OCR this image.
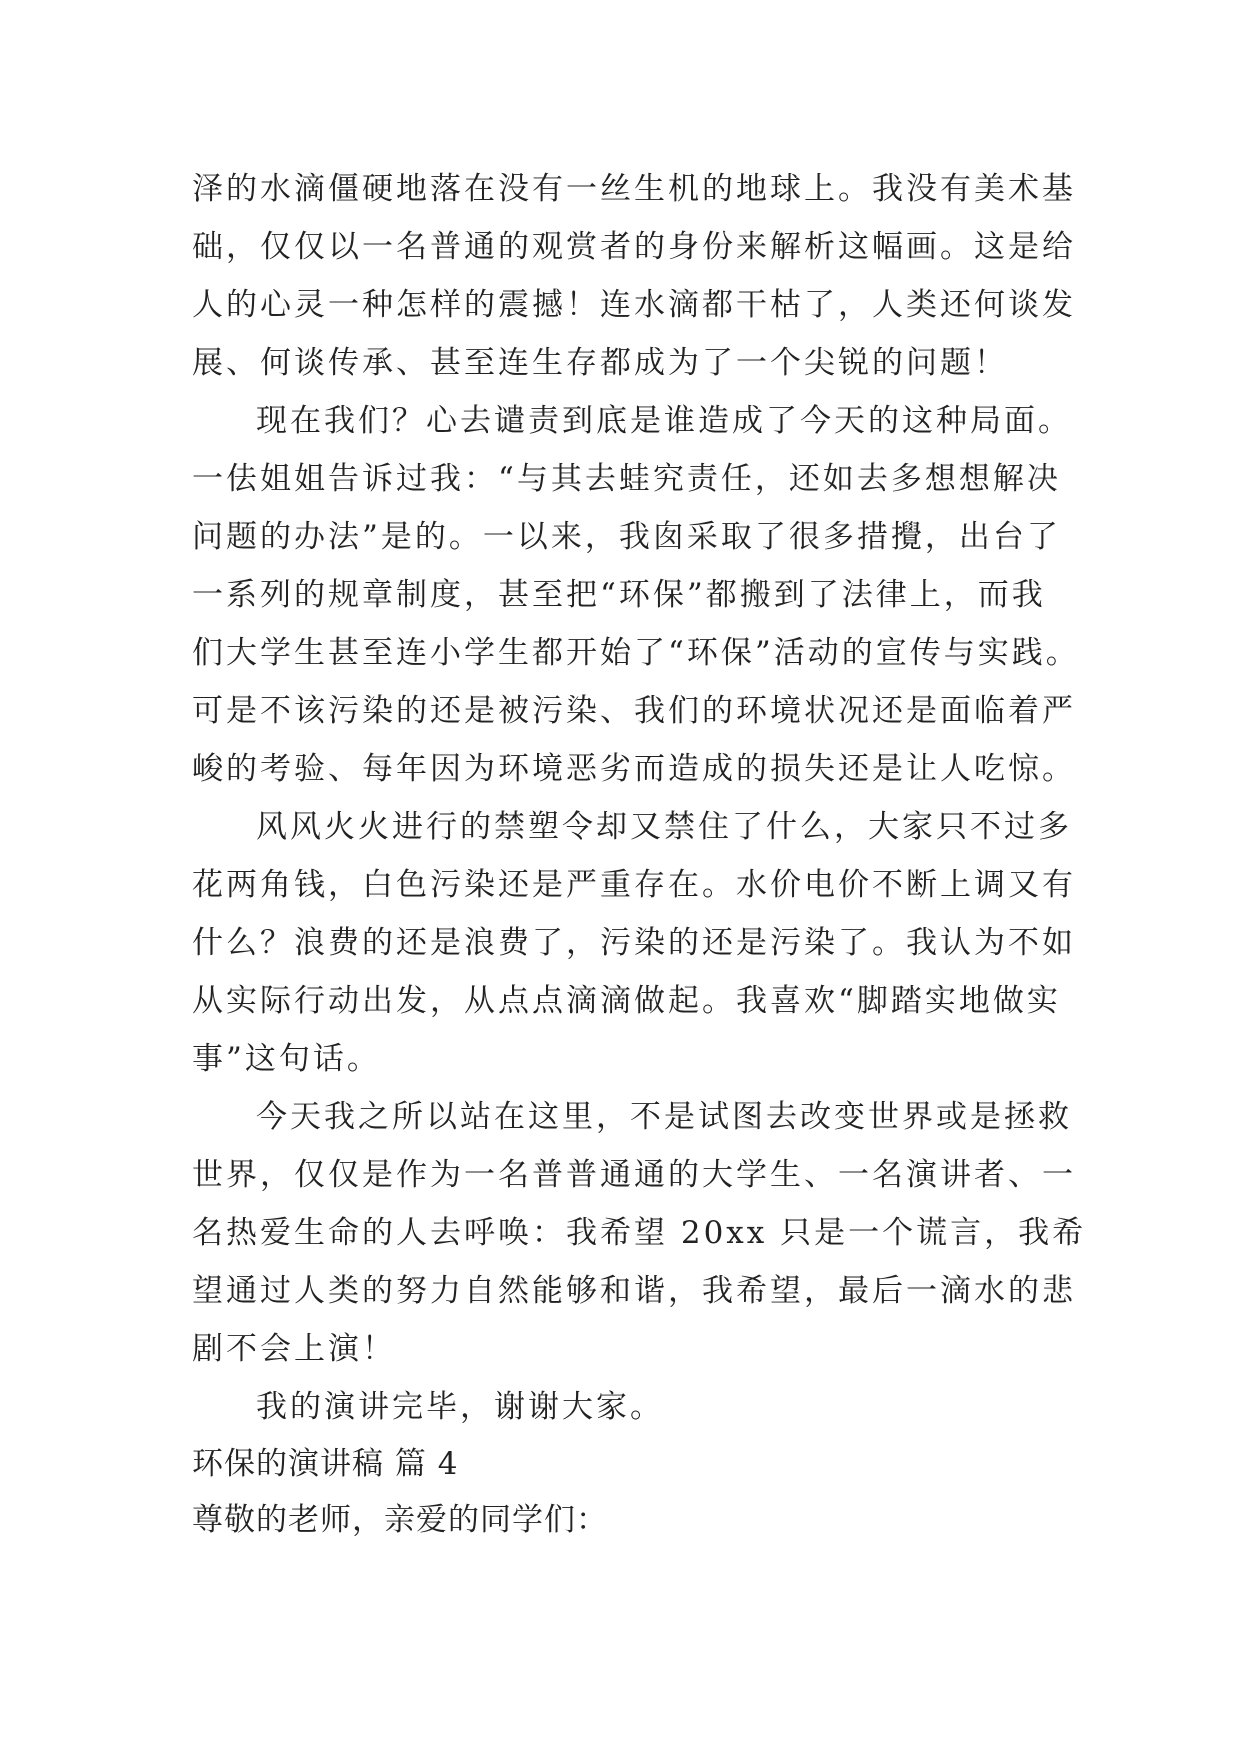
泽的水滴僵硬地落在没有一丝生机的地球上。我没有美术基
础，仅仅以一名普通的观赏者的身份来解析这幅画。这是给
人的心灵一种怎样的震撼！连水滴都干枯了，人类还何谈发
展、何谈传承、甚至连生存都成为了一个尖锐的问题！
现在我们？心去谴责到底是谁造成了今天的这种局面。
一佉姐姐告诉过我：“与其去蛙究责任，还如去多想想解决
问题的办法”是的。一以来，我囱采取了很多措攪，出台了
一系列的规章制度，甚至把“环保”都搬到了法律上，而我
们大学生甚至连小学生都开始了“环保”活动的宣传与实践。
可是不该污染的还是被污染、我们的环境状况还是面临着严
峻的考验、每年因为环境恶劣而造成的损失还是让人吃惊。
风风火火进行的禁塑令却又禁住了什么，大家只不过多
花两角钱，白色污染还是严重存在。水价电价不断上调又有
什么？浪费的还是浪费了，污染的还是污染了。我认为不如
从实际行动出发，从点点滴滴做起。我喜欢“脚踏实地做实
事”这句话。
今天我之所以站在这里，不是试图去改变世界或是拯救
世界，仅仅是作为一名普普通通的大学生、一名演讲者、一
名热爱生命的人去呼唤：我希望 20xx 只是一个谎言，我希
望通过人类的努力自然能够和谐，我希望，最后一滴水的悲
剧不会上演！
我的演讲完毕，谢谢大家。
环保的演讲稿 篇 4
尊敬的老师，亲爱的同学们：
